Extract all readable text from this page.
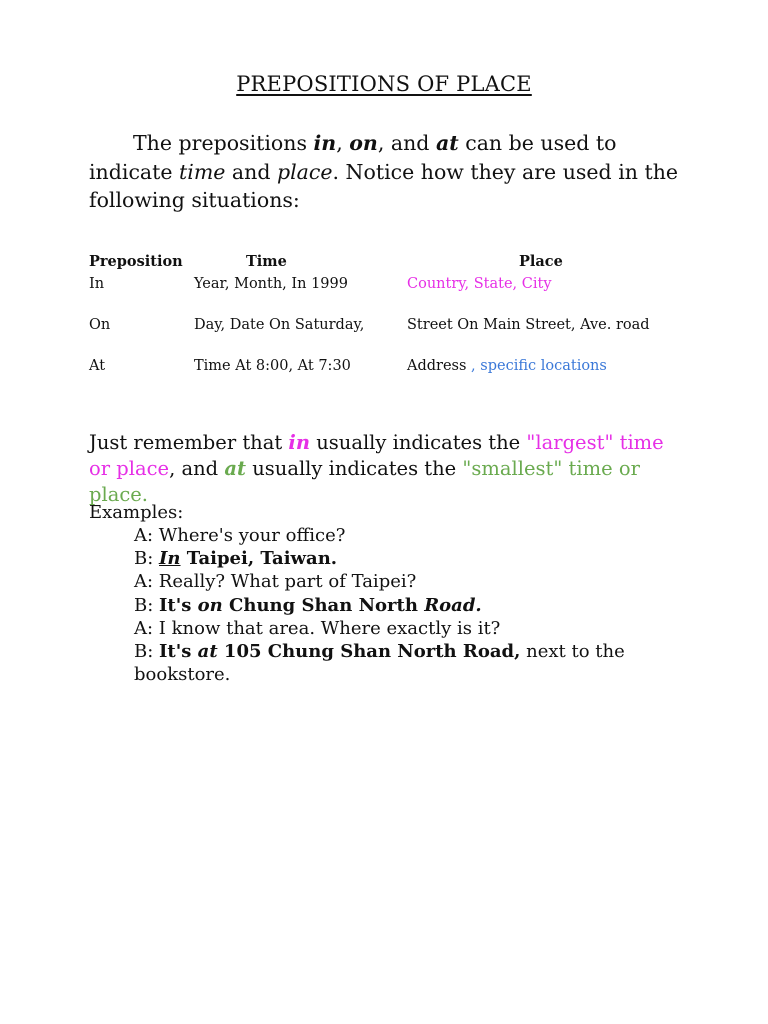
PREPOSITIONS OF PLACE
The prepositions in, on, and at can be used to indicate time and place. Notice how they are used in the following situations:
Preposition	Time	Place
In	Year, Month, In 1999	Country, State, City
On	Day, Date On Saturday,	Street On Main Street, Ave. road
At	Time At 8:00, At 7:30	Address , specific locations
Just remember that in usually indicates the "largest" time or place, and at usually indicates the "smallest" time or place.
Examples:
A: Where's your office?
B: In Taipei, Taiwan.
A: Really? What part of Taipei?
B: It's on Chung Shan North Road.
A: I know that area. Where exactly is it?
B: It's at 105 Chung Shan North Road, next to the
bookstore.
